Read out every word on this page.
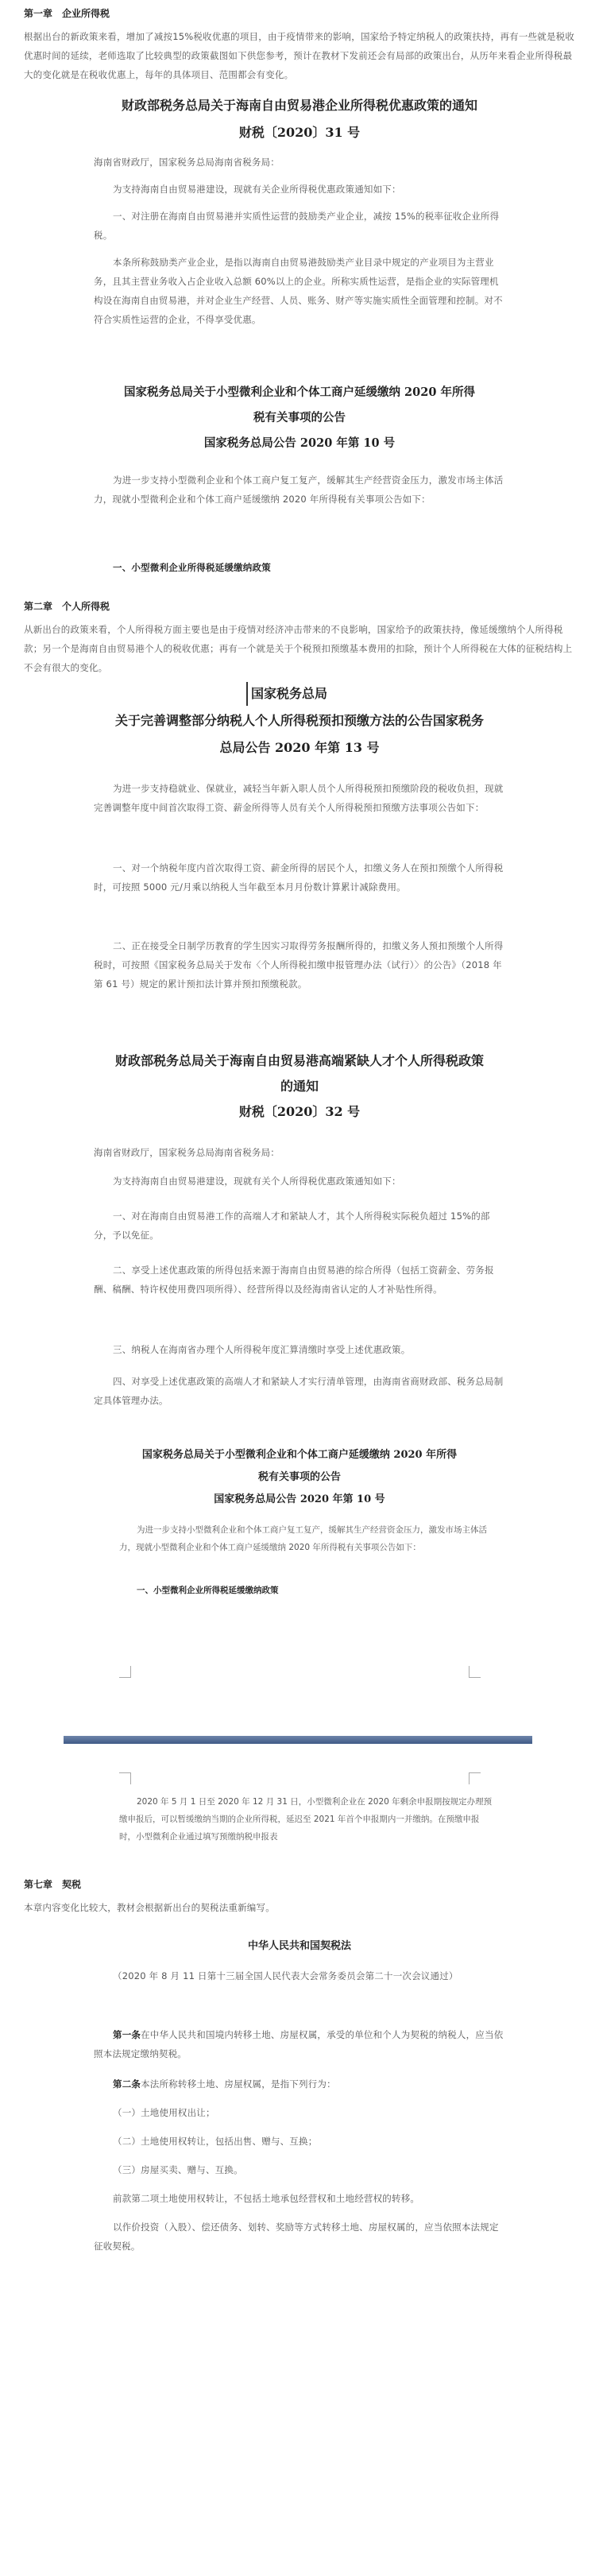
第一章　企业所得税
根据出台的新政策来看，增加了减按15%税收优惠的项目，由于疫情带来的影响，国家给予特定纳税人的政策扶持，再有一些就是税收优惠时间的延续，老师选取了比较典型的政策截图如下供您参考，预计在教材下发前还会有局部的政策出台，从历年来看企业所得税最大的变化就是在税收优惠上，每年的具体项目、范围都会有变化。
财政部税务总局关于海南自由贸易港企业所得税优惠政策的通知
财税〔2020〕31 号
海南省财政厅，国家税务总局海南省税务局：
为支持海南自由贸易港建设，现就有关企业所得税优惠政策通知如下：
一、对注册在海南自由贸易港并实质性运营的鼓励类产业企业，减按 15%的税率征收企业所得税。
本条所称鼓励类产业企业，是指以海南自由贸易港鼓励类产业目录中规定的产业项目为主营业务，且其主营业务收入占企业收入总额 60%以上的企业。所称实质性运营，是指企业的实际管理机构设在海南自由贸易港，并对企业生产经营、人员、账务、财产等实施实质性全面管理和控制。对不符合实质性运营的企业，不得享受优惠。
国家税务总局关于小型微利企业和个体工商户延缓缴纳 2020 年所得
税有关事项的公告
国家税务总局公告 2020 年第 10 号
为进一步支持小型微利企业和个体工商户复工复产，缓解其生产经营资金压力，激发市场主体活力，现就小型微利企业和个体工商户延缓缴纳 2020 年所得税有关事项公告如下：
一、小型微利企业所得税延缓缴纳政策
第二章　个人所得税
从新出台的政策来看，个人所得税方面主要也是由于疫情对经济冲击带来的不良影响，国家给予的政策扶持，像延缓缴纳个人所得税款；另一个是海南自由贸易港个人的税收优惠；再有一个就是关于个税预扣预缴基本费用的扣除，预计个人所得税在大体的征税结构上不会有很大的变化。
国家税务总局
关于完善调整部分纳税人个人所得税预扣预缴方法的公告国家税务
总局公告 2020 年第 13 号
为进一步支持稳就业、保就业，减轻当年新入职人员个人所得税预扣预缴阶段的税收负担，现就完善调整年度中间首次取得工资、薪金所得等人员有关个人所得税预扣预缴方法事项公告如下：
一、对一个纳税年度内首次取得工资、薪金所得的居民个人，扣缴义务人在预扣预缴个人所得税时，可按照 5000 元/月乘以纳税人当年截至本月月份数计算累计减除费用。
二、正在接受全日制学历教育的学生因实习取得劳务报酬所得的，扣缴义务人预扣预缴个人所得税时，可按照《国家税务总局关于发布〈个人所得税扣缴申报管理办法（试行）〉的公告》（2018 年第 61 号）规定的累计预扣法计算并预扣预缴税款。
财政部税务总局关于海南自由贸易港高端紧缺人才个人所得税政策
的通知
财税〔2020〕32 号
海南省财政厅，国家税务总局海南省税务局：
为支持海南自由贸易港建设，现就有关个人所得税优惠政策通知如下：
一、对在海南自由贸易港工作的高端人才和紧缺人才，其个人所得税实际税负超过 15%的部分，予以免征。
二、享受上述优惠政策的所得包括来源于海南自由贸易港的综合所得（包括工资薪金、劳务报酬、稿酬、特许权使用费四项所得）、经营所得以及经海南省认定的人才补贴性所得。
三、纳税人在海南省办理个人所得税年度汇算清缴时享受上述优惠政策。
四、对享受上述优惠政策的高端人才和紧缺人才实行清单管理，由海南省商财政部、税务总局制定具体管理办法。
国家税务总局关于小型微利企业和个体工商户延缓缴纳 2020 年所得
税有关事项的公告
国家税务总局公告 2020 年第 10 号
为进一步支持小型微利企业和个体工商户复工复产，缓解其生产经营资金压力，激发市场主体活力，现就小型微利企业和个体工商户延缓缴纳 2020 年所得税有关事项公告如下：
一、小型微利企业所得税延缓缴纳政策
2020 年 5 月 1 日至 2020 年 12 月 31 日，小型微利企业在 2020 年剩余申报期按规定办理预缴申报后，可以暂缓缴纳当期的企业所得税，延迟至 2021 年首个申报期内一并缴纳。在预缴申报时，小型微利企业通过填写预缴纳税申报表
第七章　契税
本章内容变化比较大，教材会根据新出台的契税法重新编写。
中华人民共和国契税法
（2020 年 8 月 11 日第十三届全国人民代表大会常务委员会第二十一次会议通过）
第一条在中华人民共和国境内转移土地、房屋权属，承受的单位和个人为契税的纳税人，应当依照本法规定缴纳契税。
第二条本法所称转移土地、房屋权属，是指下列行为：
（一）土地使用权出让；
（二）土地使用权转让，包括出售、赠与、互换；
（三）房屋买卖、赠与、互换。
前款第二项土地使用权转让，不包括土地承包经营权和土地经营权的转移。
以作价投资（入股）、偿还债务、划转、奖励等方式转移土地、房屋权属的，应当依照本法规定征收契税。
